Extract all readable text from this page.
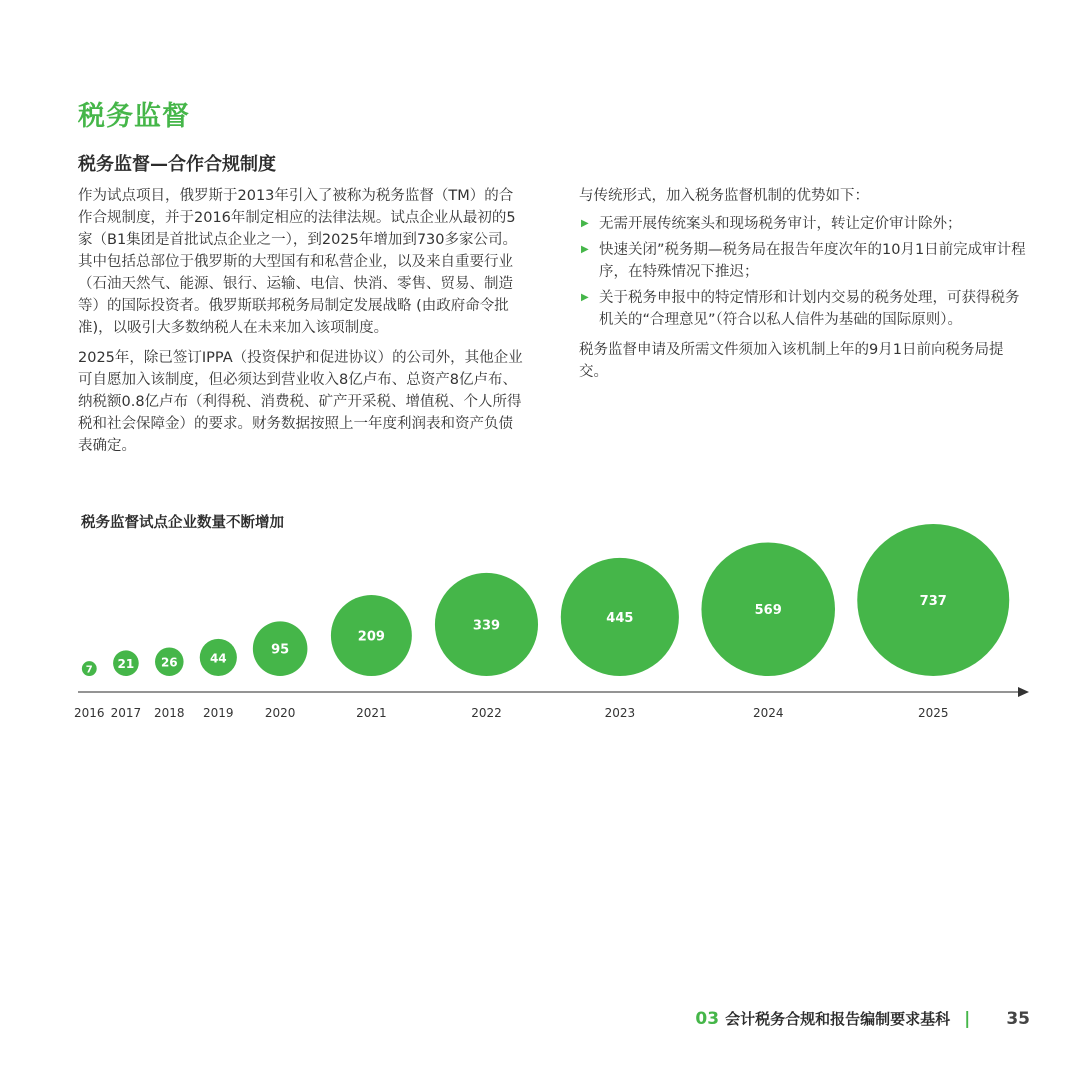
税务监督
税务监督—合作合规制度

作为试点项目，俄罗斯于2013年引入了被称为税务监督（TM）的合作合规制度，并于2016年制定相应的法律法规。试点企业从最初的5家（B1集团是首批试点企业之一），到2025年增加到730多家公司。其中包括总部位于俄罗斯的大型国有和私营企业，以及来自重要行业（石油天然气、能源、银行、运输、电信、快消、零售、贸易、制造等）的国际投资者。俄罗斯联邦税务局制定发展战略 (由政府命令批准)，以吸引大多数纳税人在未来加入该项制度。

2025年，除已签订IPPA（投资保护和促进协议）的公司外，其他企业可自愿加入该制度，但必须达到营业收入8亿卢布、总资产8亿卢布、纳税额0.8亿卢布（利得税、消费税、矿产开采税、增值税、个人所得税和社会保障金）的要求。财务数据按照上一年度利润表和资产负债表确定。

与传统形式，加入税务监督机制的优势如下：

▶ 无需开展传统案头和现场税务审计，转让定价审计除外；
▶ 快速关闭”税务期—税务局在报告年度次年的10月1日前完成审计程序，在特殊情况下推迟；
▶ 关于税务申报中的特定情形和计划内交易的税务处理，可获得税务机关的“合理意见”（符合以私人信件为基础的国际原则）。

税务监督申请及所需文件须加入该机制上年的9月1日前向税务局提交。

税务监督试点企业数量不断增加
7 21 26	44
95
209
339
445
569
737
2016 2017 2018 2019	2020	2021	2022	2023	2024	2025
03 会计税务合规和报告编制要求基科 | 35
